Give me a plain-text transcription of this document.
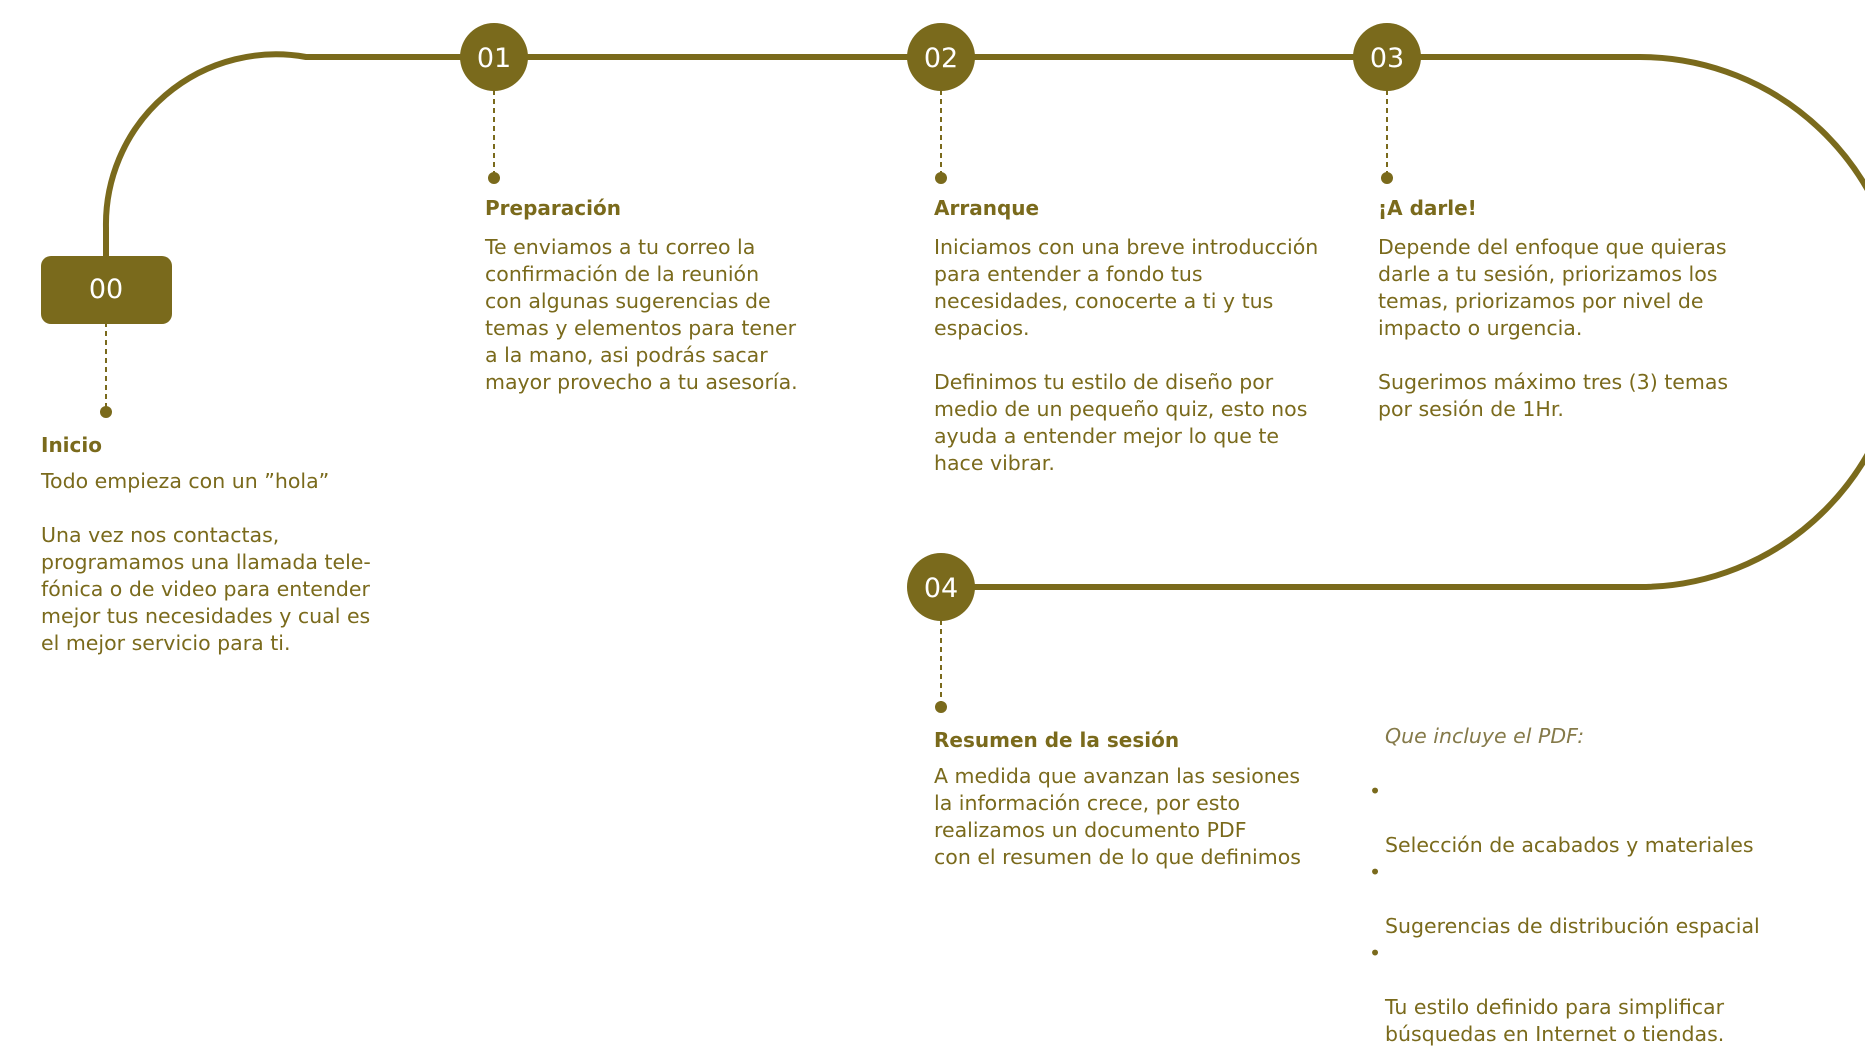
00
01	02	03
04
Inicio

Todo empieza con un ”hola”

Una vez nos contactas,
programamos una llamada tele-
fónica o de video para entender
mejor tus necesidades y cual es
el mejor servicio para ti.

Preparación

Te enviamos a tu correo la
confirmación de la reunión
con algunas sugerencias de
temas y elementos para tener
a la mano, asi podrás sacar
mayor provecho a tu asesoría.

Arranque

Iniciamos con una breve introducción
para entender a fondo tus
necesidades, conocerte a ti y tus
espacios.

Definimos tu estilo de diseño por
medio de un pequeño quiz, esto nos
ayuda a entender mejor lo que te
hace vibrar.

¡A darle!

Depende del enfoque que quieras
darle a tu sesión, priorizamos los
temas, priorizamos por nivel de
impacto o urgencia.

Sugerimos máximo tres (3) temas
por sesión de 1Hr.

Resumen de la sesión

A medida que avanzan las sesiones
la información crece, por esto
realizamos un documento PDF
con el resumen de lo que definimos

Que incluye el PDF:

•

Selección de acabados y materiales

•

Sugerencias de distribución espacial

•

Tu estilo definido para simplificar
búsquedas en Internet o tiendas.
